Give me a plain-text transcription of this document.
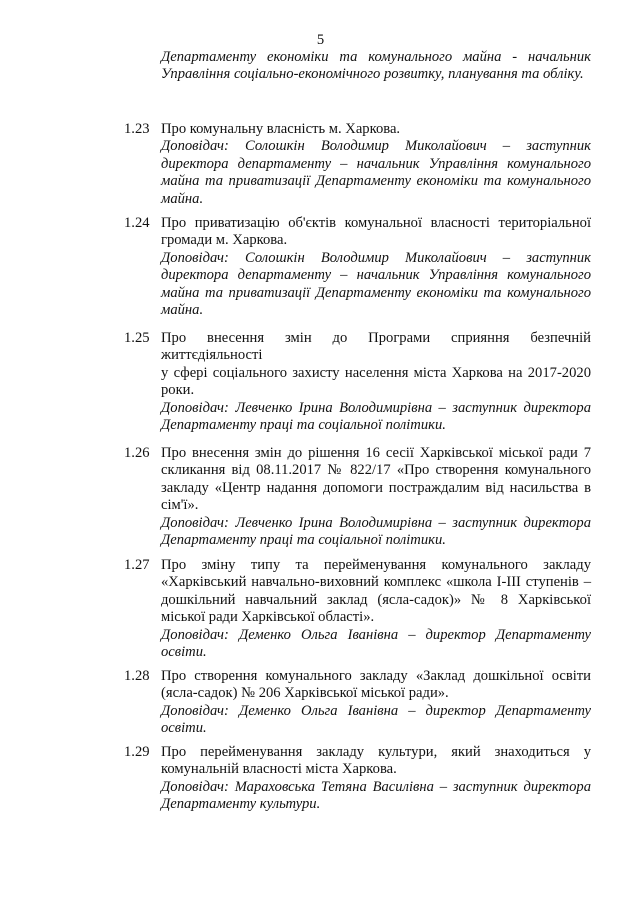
5

Департаменту економіки та комунального майна - начальник Управління соціально-економічного розвитку, планування та обліку.

1.23 Про комунальну власність м. Харкова.

Доповідач: Солошкін Володимир Миколайович – заступник директора департаменту – начальник Управління комунального майна та приватизації Департаменту економіки та комунального майна.

1.24 Про приватизацію об'єктів комунальної власності територіальної громади м. Харкова.

Доповідач: Солошкін Володимир Миколайович – заступник директора департаменту – начальник Управління комунального майна та приватизації Департаменту економіки та комунального майна.

1.25 Про внесення змін до Програми сприяння безпечній життєдіяльності

у сфері соціального захисту населення міста Харкова на 2017-2020 роки.

Доповідач: Левченко Ірина Володимирівна – заступник директора Департаменту праці та соціальної політики.

1.26 Про внесення змін до рішення 16 сесії Харківської міської ради 7 скликання від 08.11.2017 № 822/17 «Про створення комунального закладу «Центр надання допомоги постраждалим від насильства в сім'ї».

Доповідач: Левченко Ірина Володимирівна – заступник директора Департаменту праці та соціальної політики.

1.27 Про зміну типу та перейменування комунального закладу «Харківський навчально-виховний комплекс «школа І-ІІІ ступенів – дошкільний навчальний заклад (ясла-садок)» № 8 Харківської міської ради Харківської області».

Доповідач: Деменко Ольга Іванівна – директор Департаменту освіти.

1.28 Про створення комунального закладу «Заклад дошкільної освіти (ясла-садок) № 206 Харківської міської ради».

Доповідач: Деменко Ольга Іванівна – директор Департаменту освіти.

1.29 Про перейменування закладу культури, який знаходиться у комунальній власності міста Харкова.

Доповідач: Мараховська Тетяна Василівна – заступник директора Департаменту культури.
